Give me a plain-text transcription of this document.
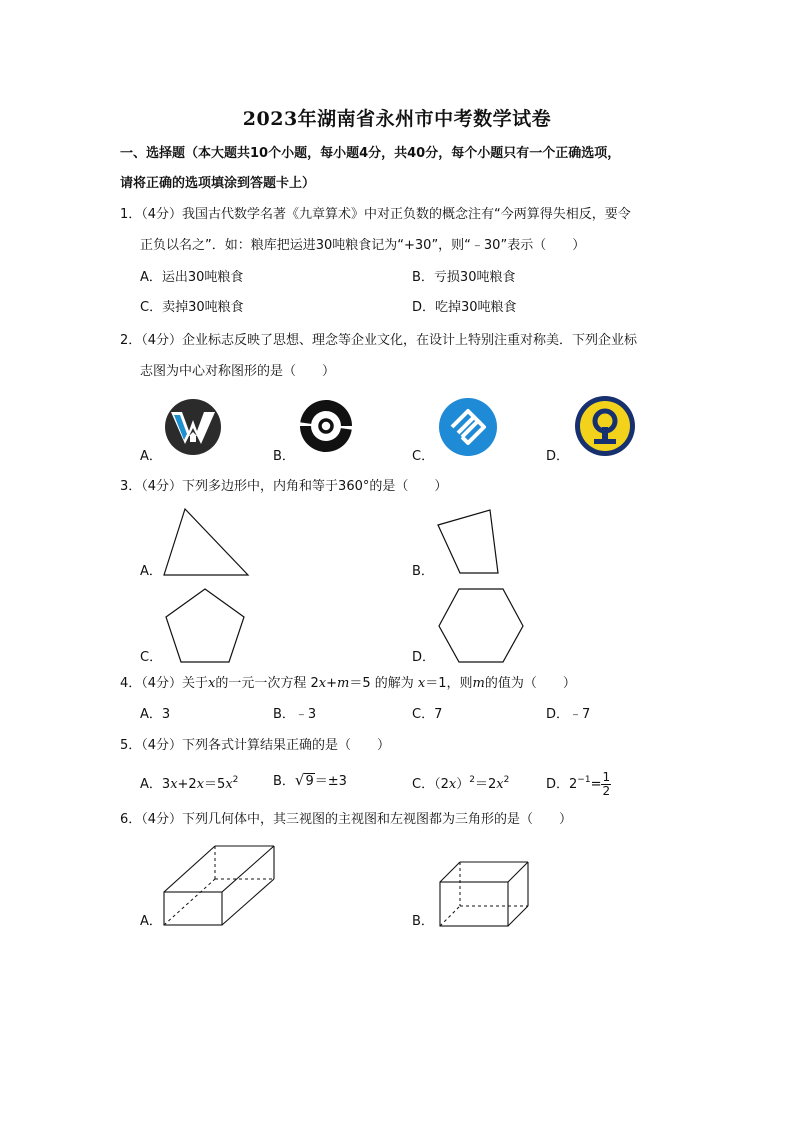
2023年湖南省永州市中考数学试卷
一、选择题（本大题共10个小题，每小题4分，共40分，每个小题只有一个正确选项，
请将正确的选项填涂到答题卡上）
1．（4分）我国古代数学名著《九章算术》中对正负数的概念注有“今两算得失相反，要令
正负以名之”．如：粮库把运进30吨粮食记为“+30”，则“﹣30”表示（　　）
A．运出30吨粮食	B．亏损30吨粮食
C．卖掉30吨粮食	D．吃掉30吨粮食
2．（4分）企业标志反映了思想、理念等企业文化，在设计上特别注重对称美．下列企业标
志图为中心对称图形的是（　　）
A．	B．	C．	D．
3．（4分）下列多边形中，内角和等于360°的是（　　）
A．	B．
C．	D．
4．（4分）关于x的一元一次方程 2x+m＝5 的解为 x＝1，则m的值为（　　）
A．3	B．﹣3	C．7	D．﹣7
5．（4分）下列各式计算结果正确的是（　　）
A．$3x+2x=5x^2$	B．√9＝±3	C．$(2x)^2=2x^2$	D．$2^{-1}= \frac{1}{2}$
6．（4分）下列几何体中，其三视图的主视图和左视图都为三角形的是（　　）
A．	B．
